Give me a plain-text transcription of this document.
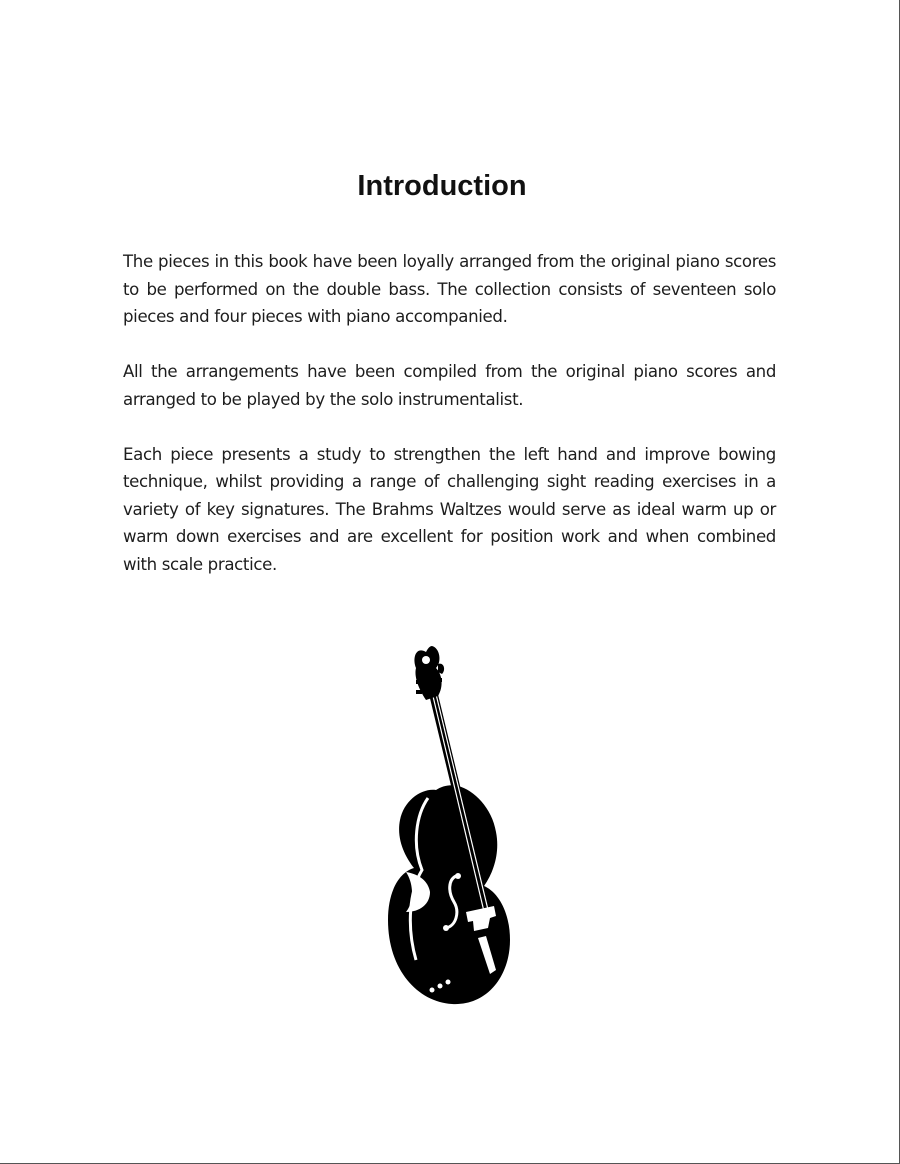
Introduction

The pieces in this book have been loyally arranged from the original piano scores to be performed on the double bass. The collection consists of seventeen solo pieces and four pieces with piano accompanied.

All the arrangements have been compiled from the original piano scores and arranged to be played by the solo instrumentalist.

Each piece presents a study to strengthen the left hand and improve bowing technique, whilst providing a range of challenging sight reading exercises in a variety of key signatures. The Brahms Waltzes would serve as ideal warm up or warm down exercises and are excellent for position work and when combined with scale practice.
